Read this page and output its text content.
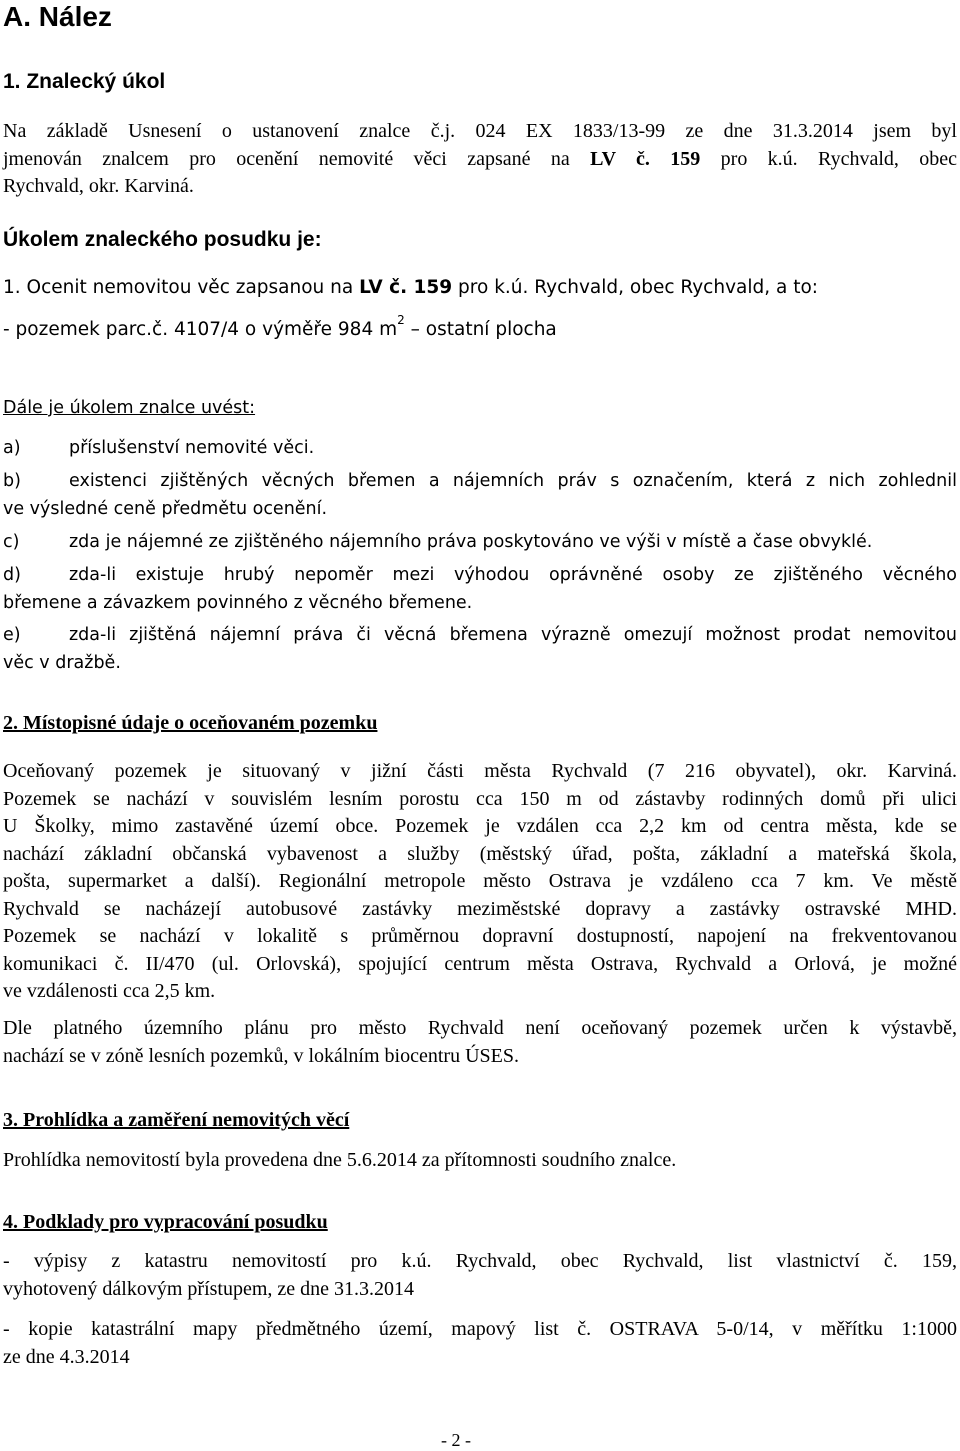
A. Nález
1. Znalecký úkol
Na základě Usnesení o ustanovení znalce č.j. 024 EX 1833/13-99 ze dne 31.3.2014 jsem byl
jmenován znalcem pro ocenění nemovité věci zapsané na LV č. 159 pro k.ú. Rychvald, obec
Rychvald, okr. Karviná.
Úkolem znaleckého posudku je:
1. Ocenit nemovitou věc zapsanou na LV č. 159 pro k.ú. Rychvald, obec Rychvald, a to:
- pozemek parc.č. 4107/4 o výměře 984 $m^2$ – ostatní plocha
Dále je úkolem znalce uvést:
a)	příslušenství nemovité věci.
b)	existenci zjištěných věcných břemen a nájemních práv s označením, která z nich zohlednil
ve výsledné ceně předmětu ocenění.
c)	zda je nájemné ze zjištěného nájemního práva poskytováno ve výši v místě a čase obvyklé.
d)	zda-li existuje hrubý nepoměr mezi výhodou oprávněné osoby ze zjištěného věcného
břemene a závazkem povinného z věcného břemene.
e)	zda-li zjištěná nájemní práva či věcná břemena výrazně omezují možnost prodat nemovitou
věc v dražbě.
2. Místopisné údaje o oceňovaném pozemku
Oceňovaný pozemek je situovaný v jižní části města Rychvald (7 216 obyvatel), okr. Karviná.
Pozemek se nachází v souvislém lesním porostu cca 150 m od zástavby rodinných domů při ulici
U Školky, mimo zastavěné území obce. Pozemek je vzdálen cca 2,2 km od centra města, kde se
nachází základní občanská vybavenost a služby (městský úřad, pošta, základní a mateřská škola,
pošta, supermarket a další). Regionální metropole město Ostrava je vzdáleno cca 7 km. Ve městě
Rychvald se nacházejí autobusové zastávky meziměstské dopravy a zastávky ostravské MHD.
Pozemek se nachází v lokalitě s průměrnou dopravní dostupností, napojení na frekventovanou
komunikaci č. II/470 (ul. Orlovská), spojující centrum města Ostrava, Rychvald a Orlová, je možné
ve vzdálenosti cca 2,5 km.
Dle platného územního plánu pro město Rychvald není oceňovaný pozemek určen k výstavbě,
nachází se v zóně lesních pozemků, v lokálním biocentru ÚSES.
3. Prohlídka a zaměření nemovitých věcí
Prohlídka nemovitostí byla provedena dne 5.6.2014 za přítomnosti soudního znalce.
4. Podklady pro vypracování posudku
- výpisy z katastru nemovitostí pro k.ú. Rychvald, obec Rychvald, list vlastnictví č. 159,
vyhotovený dálkovým přístupem, ze dne 31.3.2014
- kopie katastrální mapy předmětného území, mapový list č. OSTRAVA 5-0/14, v měřítku 1:1000
ze dne 4.3.2014
- 2 -
